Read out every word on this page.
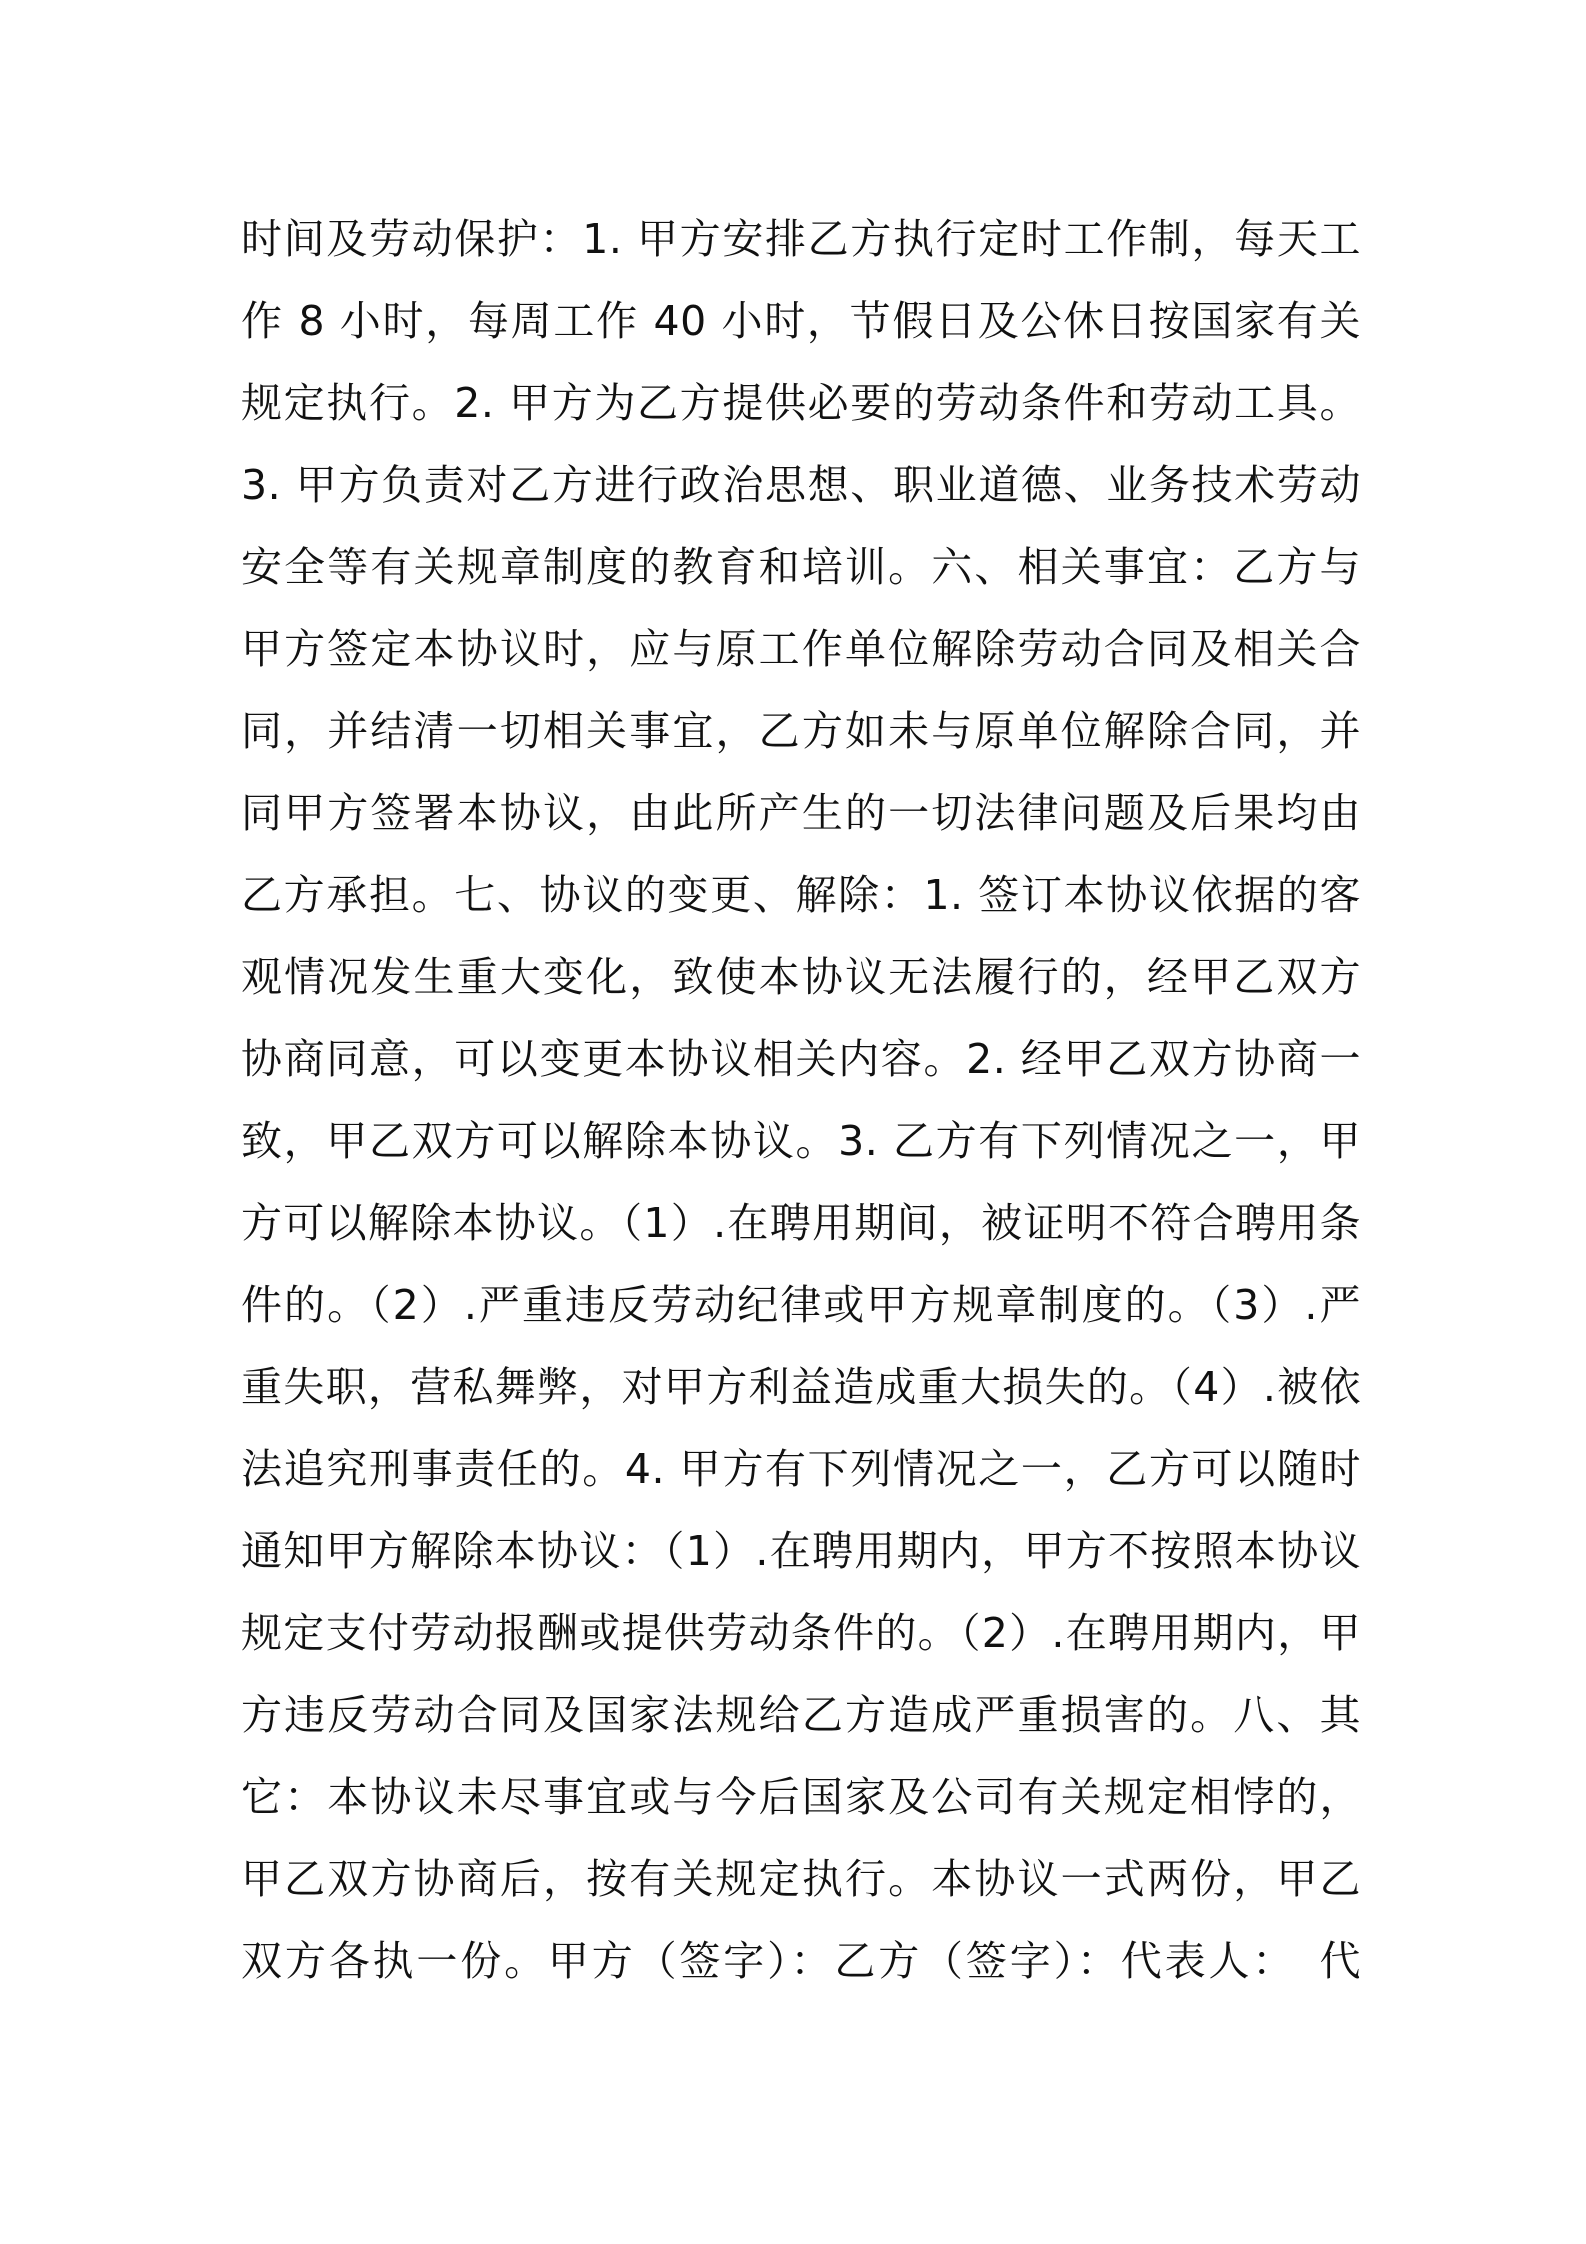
时间及劳动保护：1. 甲方安排乙方执行定时工作制，每天工
作 8 小时，每周工作 40 小时，节假日及公休日按国家有关
规定执行。2. 甲方为乙方提供必要的劳动条件和劳动工具。
3. 甲方负责对乙方进行政治思想、职业道德、业务技术劳动
安全等有关规章制度的教育和培训。六、相关事宜：乙方与
甲方签定本协议时，应与原工作单位解除劳动合同及相关合
同，并结清一切相关事宜，乙方如未与原单位解除合同，并
同甲方签署本协议，由此所产生的一切法律问题及后果均由
乙方承担。七、协议的变更、解除：1. 签订本协议依据的客
观情况发生重大变化，致使本协议无法履行的，经甲乙双方
协商同意，可以变更本协议相关内容。2. 经甲乙双方协商一
致，甲乙双方可以解除本协议。3. 乙方有下列情况之一，甲
方可以解除本协议。（1）.在聘用期间，被证明不符合聘用条
件的。（2）.严重违反劳动纪律或甲方规章制度的。（3）.严
重失职，营私舞弊，对甲方利益造成重大损失的。（4）.被依
法追究刑事责任的。4. 甲方有下列情况之一，乙方可以随时
通知甲方解除本协议：（1）.在聘用期内，甲方不按照本协议
规定支付劳动报酬或提供劳动条件的。（2）.在聘用期内，甲
方违反劳动合同及国家法规给乙方造成严重损害的。八、其
它：本协议未尽事宜或与今后国家及公司有关规定相悖的，
甲乙双方协商后，按有关规定执行。本协议一式两份，甲乙
双方各执一份。甲方（签字）：乙方（签字）：代表人：　代
